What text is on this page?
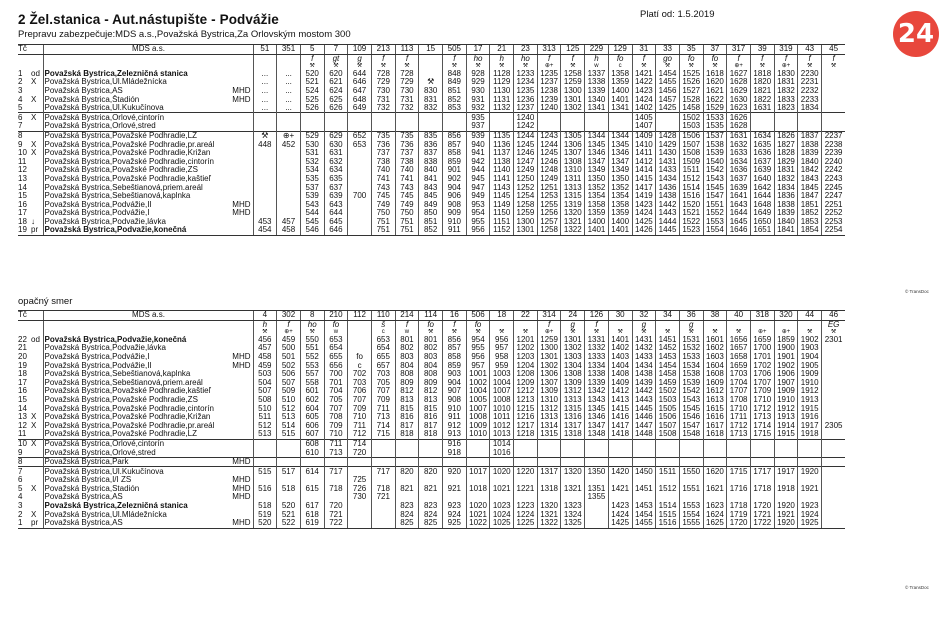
2 Žel.stanica - Aut.nástupište - Podvážie	Platí od: 1.5.2019
Prepravu zabezpečuje:MDS a.s.,Považská Bystrica,Za Orlovským mostom 300	24
Tč		MDS a.s.	51	351	5	7	109	213	113	15	505	17	21	23	313	125	229	129	31	33	35	37	317	39	319	43	45
					f	gt	g	f	f		f	ho	h	ho	f	f	h	fo	f	go	fo	fo	f	f	f	f	f
					⚒	⚒	⚒	⚒	⚒		⚒	⚒	⚒	⚒	⊕+	⚒	w	c	⚒	⚒	⚒	⚒	⊕+	⚒	⊕+	⚒	⚒
1	od	Považská Bystrica,Železničná stanica	...	...	520	620	644	728	728		848	928	1128	1233	1235	1258	1337	1358	1421	1454	1525	1618	1627	1818	1830	2230	
2	X	Považská Bystrica,Ul.Mládežnícka	...	...	521	621	646	729	729	⚒	849	929	1129	1234	1237	1259	1338	1359	1422	1455	1526	1620	1628	1820	1831	2231	
3		Považská Bystrica,AS MHD	...	...	524	624	647	730	730	830	851	930	1130	1235	1238	1300	1339	1400	1423	1456	1527	1621	1629	1821	1832	2232	
4	X	Považská Bystrica,Štadión MHD	...	...	525	625	648	731	731	831	852	931	1131	1236	1239	1301	1340	1401	1424	1457	1528	1622	1630	1822	1833	2233	
5		Považská Bystrica,Ul.Kukučínova	...	...	526	626	649	732	732	832	853	932	1132	1237	1240	1302	1341	1341	1402	1425	1458	1529	1623	1631	1823	1834	
6	X	Považská Bystrica,Orlové,cintorín										935		1240					1405		1502	1533	1626				
7		Považská Bystrica,Orlové,stred										937		1242					1407		1503	1535	1628				
8		Považská Bystrica,Považské Podhradie,LZ	⚒	⊕+	529	629	652	735	735	835	856	939	1135	1244	1243	1305	1344	1344	1409	1428	1506	1537	1631	1634	1826	1837	2237
9	X	Považská Bystrica,Považské Podhradie,pr.areál	448	452	530	630	653	736	736	836	857	940	1136	1245	1244	1306	1345	1345	1410	1429	1507	1538	1632	1635	1827	1838	2238
10	X	Považská Bystrica,Považské Podhradie,Križan			531	631		737	737	837	858	941	1137	1246	1245	1307	1346	1346	1411	1430	1508	1539	1633	1636	1828	1839	2239
11		Považská Bystrica,Považské Podhradie,cintorín			532	632		738	738	838	859	942	1138	1247	1246	1308	1347	1347	1412	1431	1509	1540	1634	1637	1829	1840	2240
12		Považská Bystrica,Považské Podhradie,ZŠ			534	634		740	740	840	901	944	1140	1249	1248	1310	1349	1349	1414	1433	1511	1542	1636	1639	1831	1842	2242
13		Považská Bystrica,Považské Podhradie,kaštieľ			535	635		741	741	841	902	945	1141	1250	1249	1311	1350	1350	1415	1434	1512	1543	1637	1640	1832	1843	2243
14		Považská Bystrica,Sebeštianová,priem.areál			537	637		743	743	843	904	947	1143	1252	1251	1313	1352	1352	1417	1436	1514	1545	1639	1642	1834	1845	2245
15		Považská Bystrica,Sebeštianová,kaplnka			539	639	700	745	745	845	906	949	1145	1254	1253	1315	1354	1354	1419	1438	1516	1547	1641	1644	1836	1847	2247
16		Považská Bystrica,Podvážie,II MHD			543	643		749	749	849	908	953	1149	1258	1255	1319	1358	1358	1423	1442	1520	1551	1643	1648	1838	1851	2251
17		Považská Bystrica,Podvážie,I MHD			544	644		750	750	850	909	954	1150	1259	1256	1320	1359	1359	1424	1443	1521	1552	1644	1649	1839	1852	2252
18	↓	Považská Bystrica,Podvažie,lávka	453	457	545	645		751	751	851	910	955	1151	1300	1257	1321	1400	1400	1425	1444	1522	1553	1645	1650	1840	1853	2253
19	pr	Považská Bystrica,Podvažie,konečná	454	458	546	646		751	751	852	911	956	1152	1301	1258	1322	1401	1401	1426	1445	1523	1554	1646	1651	1841	1854	2254
© TransDoc
opačný smer
Tč		MDS a.s.	4	302	8	210	112	110	214	114	16	506	18	22	314	24	126	30	32	34	36	38	40	318	320	44	46
			h	f	ho	fo		š	f	fo	f	fo			f	g	f		g		g						EG
			⚒	⊕+	⚒	w		c	w	⚒	⚒	⚒	⚒	⚒	⊕+	⚒	⚒	⚒	⚒	⚒	⚒	⚒	⚒	⊕+	⊕+	⚒	⚒
22	od	Považská Bystrica,Podvažie,konečná	456	459	550	653		653	801	801	856	954	956	1201	1259	1301	1331	1401	1431	1451	1531	1601	1656	1659	1859	1902	2301
21		Považská Bystrica,Podvažie,lávka	457	500	551	654		654	802	802	857	955	957	1202	1300	1302	1332	1402	1432	1452	1532	1602	1657	1700	1900	1903	
20		Považská Bystrica,Podvážie,I MHD	458	501	552	655	fo	655	803	803	858	956	958	1203	1301	1303	1333	1403	1433	1453	1533	1603	1658	1701	1901	1904	
19		Považská Bystrica,Podvážie,II MHD	459	502	553	656	c	657	804	804	859	957	959	1204	1302	1304	1334	1404	1434	1454	1534	1604	1659	1702	1902	1905	
18		Považská Bystrica,Sebeštianová,kaplnka	503	506	557	700	702	703	808	808	903	1001	1003	1208	1306	1308	1338	1408	1438	1458	1538	1608	1703	1706	1906	1909	
17		Považská Bystrica,Sebeštianová,priem.areál	504	507	558	701	703	705	809	809	904	1002	1004	1209	1307	1309	1339	1409	1439	1459	1539	1609	1704	1707	1907	1910	
16		Považská Bystrica,Považské Podhradie,kaštieľ	507	509	601	704	706	707	812	812	907	1004	1007	1212	1309	1312	1342	1412	1442	1502	1542	1612	1707	1709	1909	1912	
15		Považská Bystrica,Považské Podhradie,ZŠ	508	510	602	705	707	709	813	813	908	1005	1008	1213	1310	1313	1343	1413	1443	1503	1543	1613	1708	1710	1910	1913	
14		Považská Bystrica,Považské Podhradie,cintorín	510	512	604	707	709	711	815	815	910	1007	1010	1215	1312	1315	1345	1415	1445	1505	1545	1615	1710	1712	1912	1915	
13	X	Považská Bystrica,Považské Podhradie,Križan	511	513	605	708	710	713	816	816	911	1008	1011	1216	1313	1316	1346	1416	1446	1506	1546	1616	1711	1713	1913	1916	
12	X	Považská Bystrica,Považské Podhradie,pr.areál	512	514	606	709	711	714	817	817	912	1009	1012	1217	1314	1317	1347	1417	1447	1507	1547	1617	1712	1714	1914	1917	2305
11		Považská Bystrica,Považské Podhradie,LZ	513	515	607	710	712	715	818	818	913	1010	1013	1218	1315	1318	1348	1418	1448	1508	1548	1618	1713	1715	1915	1918	
10	X	Považská Bystrica,Orlové,cintorín			608	711	714				916		1014														
9		Považská Bystrica,Orlové,stred			610	713	720				918		1016														
8		Považská Bystrica,Park MHD																									

7		Považská Bystrica,Ul.Kukučínova	515	517	614	717		717	820	820	920	1017	1020	1220	1317	1320	1350	1420	1450	1511	1550	1620	1715	1717	1917	1920	
6		Považská Bystrica,I/I ZŠ MHD					725																				
5	X	Považská Bystrica,Štadión MHD	516	518	615	718	726	718	821	821	921	1018	1021	1221	1318	1321	1351	1421	1451	1512	1551	1621	1716	1718	1918	1921	
4		Považská Bystrica,AS MHD					730	721									1355										
3		Považská Bystrica,Železničná stanica	518	520	617	720			823	823	923	1020	1023	1223	1320	1323		1423	1453	1514	1553	1623	1718	1720	1920	1923	
2	X	Považská Bystrica,Ul.Mládežnícka	519	521	618	721			824	824	924	1021	1024	1224	1321	1324		1424	1454	1515	1554	1624	1719	1721	1921	1924	
1	pr	Považská Bystrica,AS MHD	520	522	619	722			825	825	925	1022	1025	1225	1322	1325		1425	1455	1516	1555	1625	1720	1722	1920	1925	
© TransDoc
